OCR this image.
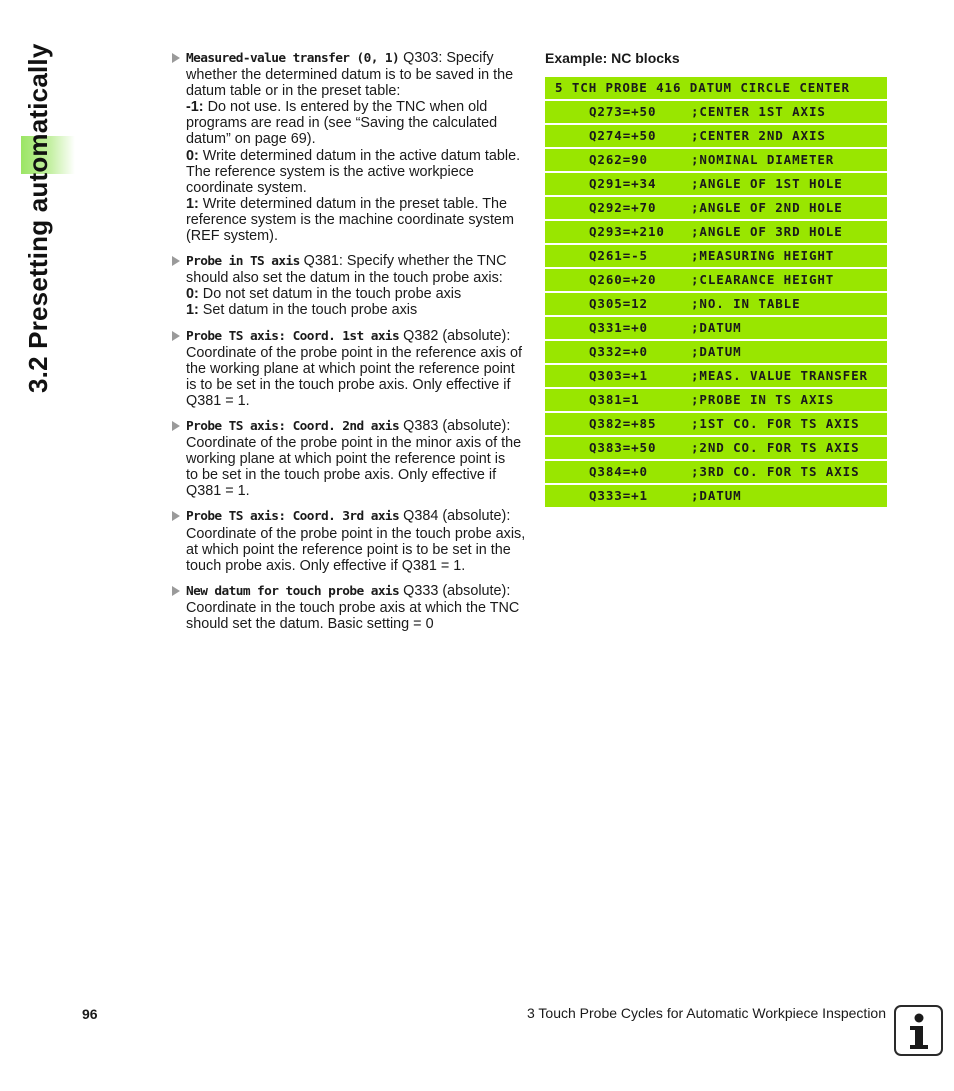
3.2 Presetting automatically	Measured-value transfer (0, 1) Q303: Specify
whether the determined datum is to be saved in the
datum table or in the preset table:
-1: Do not use. Is entered by the TNC when old
programs are read in (see “Saving the calculated
datum” on page 69).
0: Write determined datum in the active datum table.
The reference system is the active workpiece
coordinate system.
1: Write determined datum in the preset table. The
reference system is the machine coordinate system
(REF system).
Probe in TS axis Q381: Specify whether the TNC
should also set the datum in the touch probe axis:
0: Do not set datum in the touch probe axis
1: Set datum in the touch probe axis
Probe TS axis: Coord. 1st axis Q382 (absolute):
Coordinate of the probe point in the reference axis of
the working plane at which point the reference point
is to be set in the touch probe axis. Only effective if
Q381 = 1.
Probe TS axis: Coord. 2nd axis Q383 (absolute):
Coordinate of the probe point in the minor axis of the
working plane at which point the reference point is
to be set in the touch probe axis. Only effective if
Q381 = 1.
Probe TS axis: Coord. 3rd axis Q384 (absolute):
Coordinate of the probe point in the touch probe axis,
at which point the reference point is to be set in the
touch probe axis. Only effective if Q381 = 1.
New datum for touch probe axis Q333 (absolute):
Coordinate in the touch probe axis at which the TNC
should set the datum. Basic setting = 0
Example: NC blocks
5 TCH PROBE 416 DATUM CIRCLE CENTER
Q273=+50	;CENTER 1ST AXIS
Q274=+50	;CENTER 2ND AXIS
Q262=90	;NOMINAL DIAMETER
Q291=+34	;ANGLE OF 1ST HOLE
Q292=+70	;ANGLE OF 2ND HOLE
Q293=+210 ;ANGLE OF 3RD HOLE
Q261=-5	;MEASURING HEIGHT
Q260=+20	;CLEARANCE HEIGHT
Q305=12	;NO. IN TABLE
Q331=+0	;DATUM
Q332=+0	;DATUM
Q303=+1	;MEAS. VALUE TRANSFER
Q381=1	;PROBE IN TS AXIS
Q382=+85	;1ST CO. FOR TS AXIS
Q383=+50	;2ND CO. FOR TS AXIS
Q384=+0	;3RD CO. FOR TS AXIS
Q333=+1	;DATUM
96	3 Touch Probe Cycles for Automatic Workpiece Inspection
